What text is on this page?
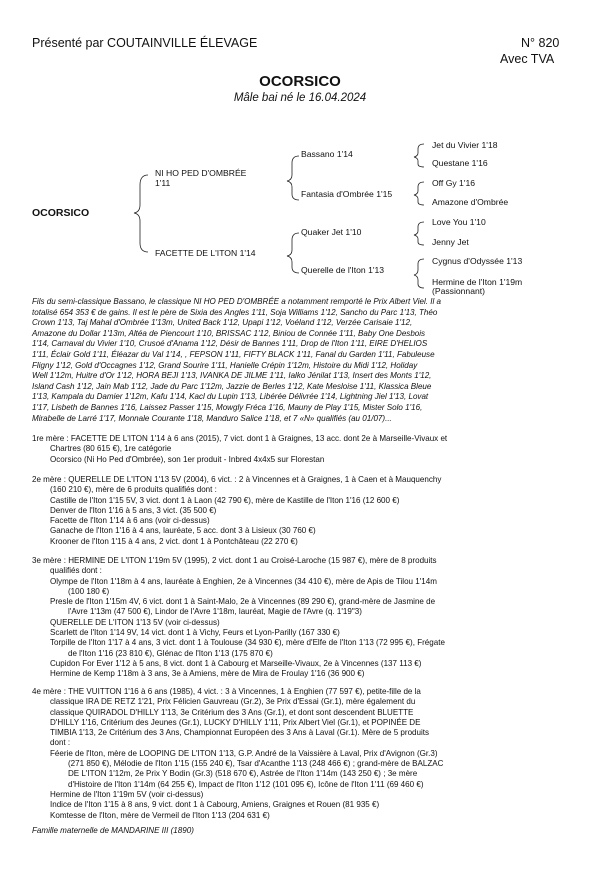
Présenté par COUTAINVILLE ÉLEVAGE	N° 820
Avec TVA
OCORSICO
Mâle bai né le 16.04.2024
OCORSICO
NI HO PED D'OMBRÉE
1'11
FACETTE DE L'ITON 1'14
Bassano 1'14
Fantasia d'Ombrée 1'15
Quaker Jet 1'10
Querelle de l'Iton 1'13
Jet du Vivier 1'18
Questane 1'16
Off Gy 1'16
Amazone d'Ombrée
Love You 1'10
Jenny Jet
Cygnus d'Odyssée 1'13
Hermine de l'Iton 1'19m
(Passionnant)
Fils du semi-classique Bassano, le classique NI HO PED D'OMBRÉE a notamment remporté le Prix Albert Viel. Il a
totalisé 654 353 € de gains. Il est le père de Sixia des Angles 1'11, Soja Williams 1'12, Sancho du Parc 1'13, Théo
Crown 1'13, Taj Mahal d'Ombrée 1'13m, United Back 1'12, Upapi 1'12, Voéland 1'12, Verzée Carisaie 1'12,
Amazone du Dollar 1'13m, Altéa de Piencourt 1'10, BRISSAC 1'12, Biniou de Connée 1'11, Baby One Desbois
1'14, Carnaval du Vivier 1'10, Crusoé d'Anama 1'12, Désir de Bannes 1'11, Drop de l'Iton 1'11, EIRE D'HELIOS
1'11, Éclair Gold 1'11, Éléazar du Val 1'14, , FEPSON 1'11, FIFTY BLACK 1'11, Fanal du Garden 1'11, Fabuleuse
Fligny 1'12, Gold d'Occagnes 1'12, Grand Sourire 1'11, Hanielle Crépin 1'12m, Histoire du Midi 1'12, Holiday
Well 1'12m, Huitre d'Or 1'12, HORA BEJI 1'13, IVANKA DE JILME 1'11, Ialko Jénilat 1'13, Insert des Monts 1'12,
Island Cash 1'12, Jain Mab 1'12, Jade du Parc 1'12m, Jazzie de Berles 1'12, Kate Mesloise 1'11, Klassica Bleue
1'13, Kampala du Damier 1'12m, Kafu 1'14, Kacl du Lupin 1'13, Libérée Délivrée 1'14, Lightning Jiel 1'13, Lovat
1'17, Lisbeth de Bannes 1'16, Laissez Passer 1'15, Mowgly Fréca 1'16, Mauny de Play 1'15, Mister Solo 1'16,
Mirabelle de Larré 1'17, Monnale Courante 1'18, Manduro Salice 1'18, et 7 «N» qualifiés (au 01/07)...

1re mère : FACETTE DE L'ITON 1'14 à 6 ans (2015), 7 vict. dont 1 à Graignes, 13 acc. dont 2e à Marseille-Vivaux et

Chartres (80 615 €), 1re catégorie

Ocorsico (Ni Ho Ped d'Ombrée), son 1er produit - Inbred 4x4x5 sur Florestan

2e mère : QUERELLE DE L'ITON 1'13 5V (2004), 6 vict. : 2 à Vincennes et à Graignes, 1 à Caen et à Mauquenchy

(160 210 €), mère de 6 produits qualifiés dont :

Castille de l'Iton 1'15 5V, 3 vict. dont 1 à Laon (42 790 €), mère de Kastille de l'Iton 1'16 (12 600 €)

Denver de l'Iton 1'16 à 5 ans, 3 vict. (35 500 €)

Facette de l'Iton 1'14 à 6 ans (voir ci-dessus)

Ganache de l'Iton 1'16 à 4 ans, lauréate, 5 acc. dont 3 à Lisieux (30 760 €)

Krooner de l'Iton 1'15 à 4 ans, 2 vict. dont 1 à Pontchâteau (22 270 €)

3e mère : HERMINE DE L'ITON 1'19m 5V (1995), 2 vict. dont 1 au Croisé-Laroche (15 987 €), mère de 8 produits

qualifiés dont :

Olympe de l'Iton 1'18m à 4 ans, lauréate à Enghien, 2e à Vincennes (34 410 €), mère de Apis de Tilou 1'14m

(100 180 €)

Presle de l'Iton 1'15m 4V, 6 vict. dont 1 à Saint-Malo, 2e à Vincennes (89 290 €), grand-mère de Jasmine de

l'Avre 1'13m (47 500 €), Lindor de l'Avre 1'18m, lauréat, Magie de l'Avre (q. 1'19"3)

QUERELLE DE L'ITON 1'13 5V (voir ci-dessus)

Scarlett de l'Iton 1'14 9V, 14 vict. dont 1 à Vichy, Feurs et Lyon-Parilly (167 330 €)

Torpille de l'Iton 1'17 à 4 ans, 3 vict. dont 1 à Toulouse (34 930 €), mère d'Elfe de l'Iton 1'13 (72 995 €), Frégate

de l'Iton 1'16 (23 810 €), Glénac de l'Iton 1'13 (175 870 €)

Cupidon For Ever 1'12 à 5 ans, 8 vict. dont 1 à Cabourg et Marseille-Vivaux, 2e à Vincennes (137 113 €)

Hermine de Kemp 1'18m à 3 ans, 3e à Amiens, mère de Mira de Froulay 1'16 (36 900 €)

4e mère : THE VUITTON 1'16 à 6 ans (1985), 4 vict. : 3 à Vincennes, 1 à Enghien (77 597 €), petite-fille de la

classique IRA DE RETZ 1'21, Prix Félicien Gauvreau (Gr.2), 3e Prix d'Essai (Gr.1), mère également du

classique QUIRADOL D'HILLY 1'13, 3e Critérium des 3 Ans (Gr.1), et dont sont descendent BLUETTE

D'HILLY 1'16, Critérium des Jeunes (Gr.1), LUCKY D'HILLY 1'11, Prix Albert Viel (Gr.1), et POPINÉE DE

TIMBIA 1'13, 2e Critérium des 3 Ans, Championnat Européen des 3 Ans à Laval (Gr.1). Mère de 5 produits

dont :

Féerie de l'Iton, mère de LOOPING DE L'ITON 1'13, G.P. André de la Vaissière à Laval, Prix d'Avignon (Gr.3)

(271 850 €), Mélodie de l'Iton 1'15 (155 240 €), Tsar d'Acanthe 1'13 (248 466 €) ; grand-mère de BALZAC

DE L'ITON 1'12m, 2e Prix Y Bodin (Gr.3) (518 670 €), Astrée de l'Iton 1'14m (143 250 €) ; 3e mère

d'Histoire de l'Iton 1'14m (64 255 €), Impact de l'Iton 1'12 (101 095 €), Icône de l'Iton 1'11 (69 460 €)

Hermine de l'Iton 1'19m 5V (voir ci-dessus)

Indice de l'Iton 1'15 à 8 ans, 9 vict. dont 1 à Cabourg, Amiens, Graignes et Rouen (81 935 €)

Komtesse de l'Iton, mère de Vermeil de l'Iton 1'13 (204 631 €)

Famille maternelle de MANDARINE III (1890)
